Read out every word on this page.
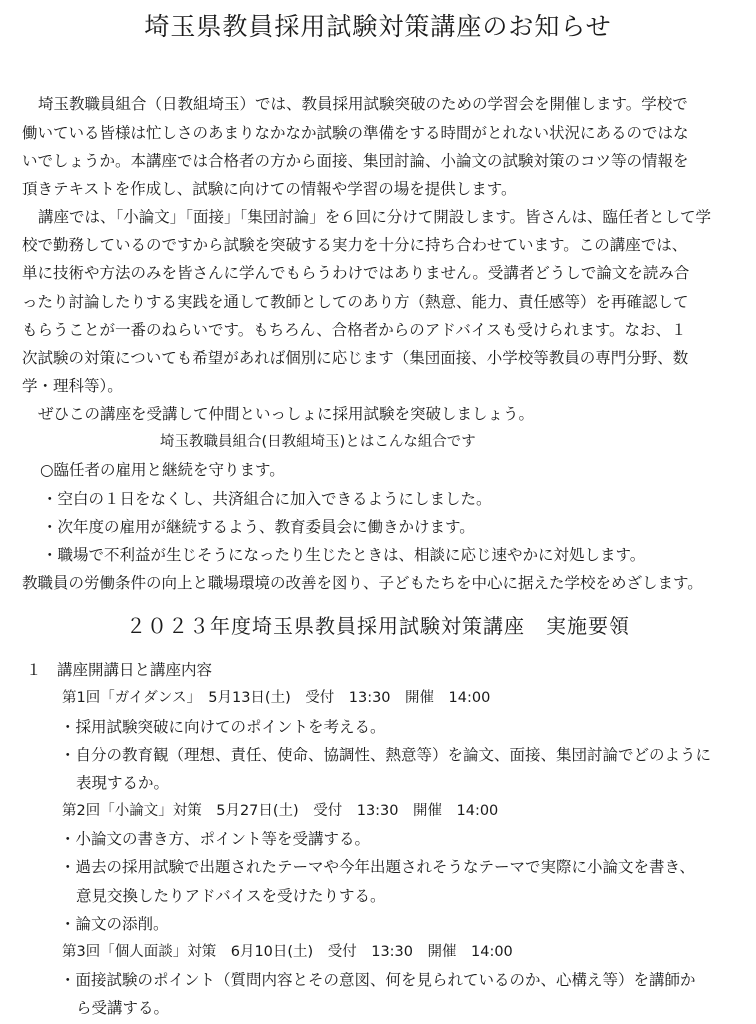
埼玉県教員採用試験対策講座のお知らせ

埼玉教職員組合（日教組埼玉）では、教員採用試験突破のための学習会を開催します。学校で

働いている皆様は忙しさのあまりなかなか試験の準備をする時間がとれない状況にあるのではな

いでしょうか。本講座では合格者の方から面接、集団討論、小論文の試験対策のコツ等の情報を

頂きテキストを作成し、試験に向けての情報や学習の場を提供します。

講座では、「小論文」「面接」「集団討論」を６回に分けて開設します。皆さんは、臨任者として学

校で勤務しているのですから試験を突破する実力を十分に持ち合わせています。この講座では、

単に技術や方法のみを皆さんに学んでもらうわけではありません。受講者どうしで論文を読み合

ったり討論したりする実践を通して教師としてのあり方（熱意、能力、責任感等）を再確認して

もらうことが一番のねらいです。もちろん、合格者からのアドバイスも受けられます。なお、１

次試験の対策についても希望があれば個別に応じます（集団面接、小学校等教員の専門分野、数

学・理科等）。

ぜひこの講座を受講して仲間といっしょに採用試験を突破しましょう。

埼玉教職員組合(日教組埼玉)とはこんな組合です

○臨任者の雇用と継続を守ります。

・空白の１日をなくし、共済組合に加入できるようにしました。

・次年度の雇用が継続するよう、教育委員会に働きかけます。

・職場で不利益が生じそうになったり生じたときは、相談に応じ速やかに対処します。

教職員の労働条件の向上と職場環境の改善を図り、子どもたちを中心に据えた学校をめざします。

２０２３年度埼玉県教員採用試験対策講座　実施要領

１　講座開講日と講座内容

第1回「ガイダンス」　5月13日(土)　受付　13:30　開催　14:00

・採用試験突破に向けてのポイントを考える。

・自分の教育観（理想、責任、使命、協調性、熱意等）を論文、面接、集団討論でどのように

表現するか。

第2回「小論文」対策　5月27日(土)　受付　13:30　開催　14:00

・小論文の書き方、ポイント等を受講する。

・過去の採用試験で出題されたテーマや今年出題されそうなテーマで実際に小論文を書き、

意見交換したりアドバイスを受けたりする。

・論文の添削。

第3回「個人面談」対策　6月10日(土)　受付　13:30　開催　14:00

・面接試験のポイント（質問内容とその意図、何を見られているのか、心構え等）を講師か

ら受講する。
